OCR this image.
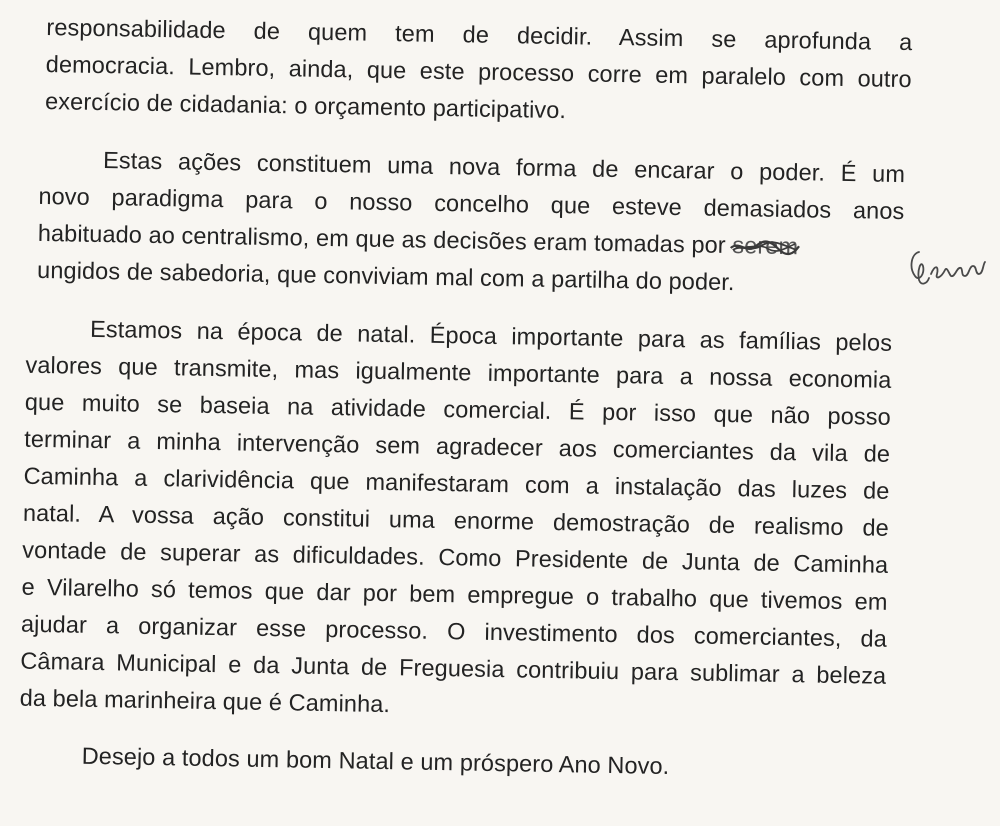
responsabilidade de quem tem de decidir. Assim se aprofunda a
democracia. Lembro, ainda, que este processo corre em paralelo com outro
exercício de cidadania: o orçamento participativo.
Estas ações constituem uma nova forma de encarar o poder. É um
novo paradigma para o nosso concelho que esteve demasiados anos
habituado ao centralismo, em que as decisões eram tomadas por serem
ungidos de sabedoria, que conviviam mal com a partilha do poder.
Estamos na época de natal. Época importante para as famílias pelos
valores que transmite, mas igualmente importante para a nossa economia
que muito se baseia na atividade comercial. É por isso que não posso
terminar a minha intervenção sem agradecer aos comerciantes da vila de
Caminha a clarividência que manifestaram com a instalação das luzes de
natal. A vossa ação constitui uma enorme demostração de realismo de
vontade de superar as dificuldades. Como Presidente de Junta de Caminha
e Vilarelho só temos que dar por bem empregue o trabalho que tivemos em
ajudar a organizar esse processo. O investimento dos comerciantes, da
Câmara Municipal e da Junta de Freguesia contribuiu para sublimar a beleza
da bela marinheira que é Caminha.
Desejo a todos um bom Natal e um próspero Ano Novo.
